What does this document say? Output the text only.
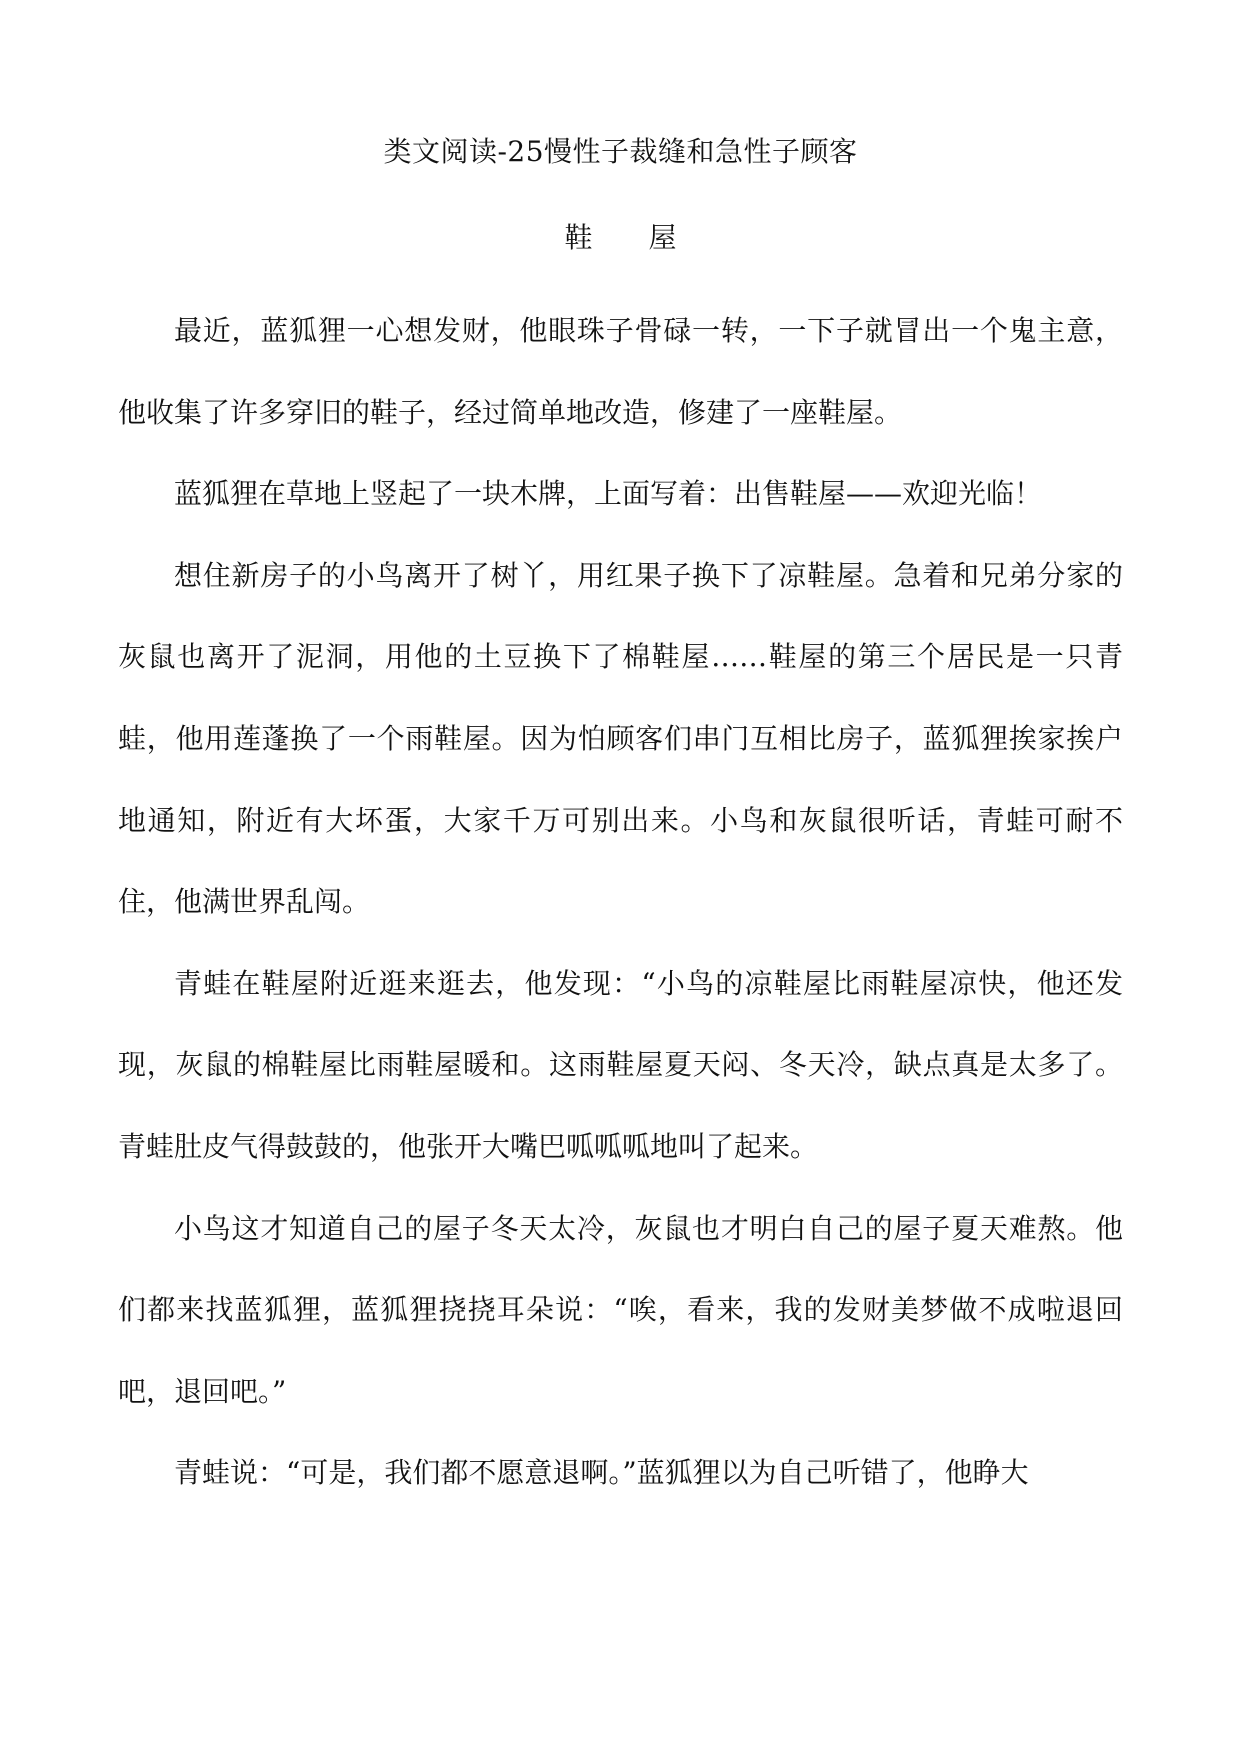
类文阅读-25慢性子裁缝和急性子顾客
鞋　　屋

最近，蓝狐狸一心想发财，他眼珠子骨碌一转，一下子就冒出一个鬼主意，他收集了许多穿旧的鞋子，经过简单地改造，修建了一座鞋屋。

蓝狐狸在草地上竖起了一块木牌，上面写着：出售鞋屋——欢迎光临！

想住新房子的小鸟离开了树丫，用红果子换下了凉鞋屋。急着和兄弟分家的灰鼠也离开了泥洞，用他的土豆换下了棉鞋屋……鞋屋的第三个居民是一只青蛙，他用莲蓬换了一个雨鞋屋。因为怕顾客们串门互相比房子，蓝狐狸挨家挨户地通知，附近有大坏蛋，大家千万可别出来。小鸟和灰鼠很听话，青蛙可耐不住，他满世界乱闯。

青蛙在鞋屋附近逛来逛去，他发现：“小鸟的凉鞋屋比雨鞋屋凉快，他还发现，灰鼠的棉鞋屋比雨鞋屋暖和。这雨鞋屋夏天闷、冬天冷，缺点真是太多了。青蛙肚皮气得鼓鼓的，他张开大嘴巴呱呱呱地叫了起来。

小鸟这才知道自己的屋子冬天太冷，灰鼠也才明白自己的屋子夏天难熬。他们都来找蓝狐狸，蓝狐狸挠挠耳朵说：“唉，看来，我的发财美梦做不成啦退回吧，退回吧。”

青蛙说：“可是，我们都不愿意退啊。”蓝狐狸以为自己听错了，他睁大
